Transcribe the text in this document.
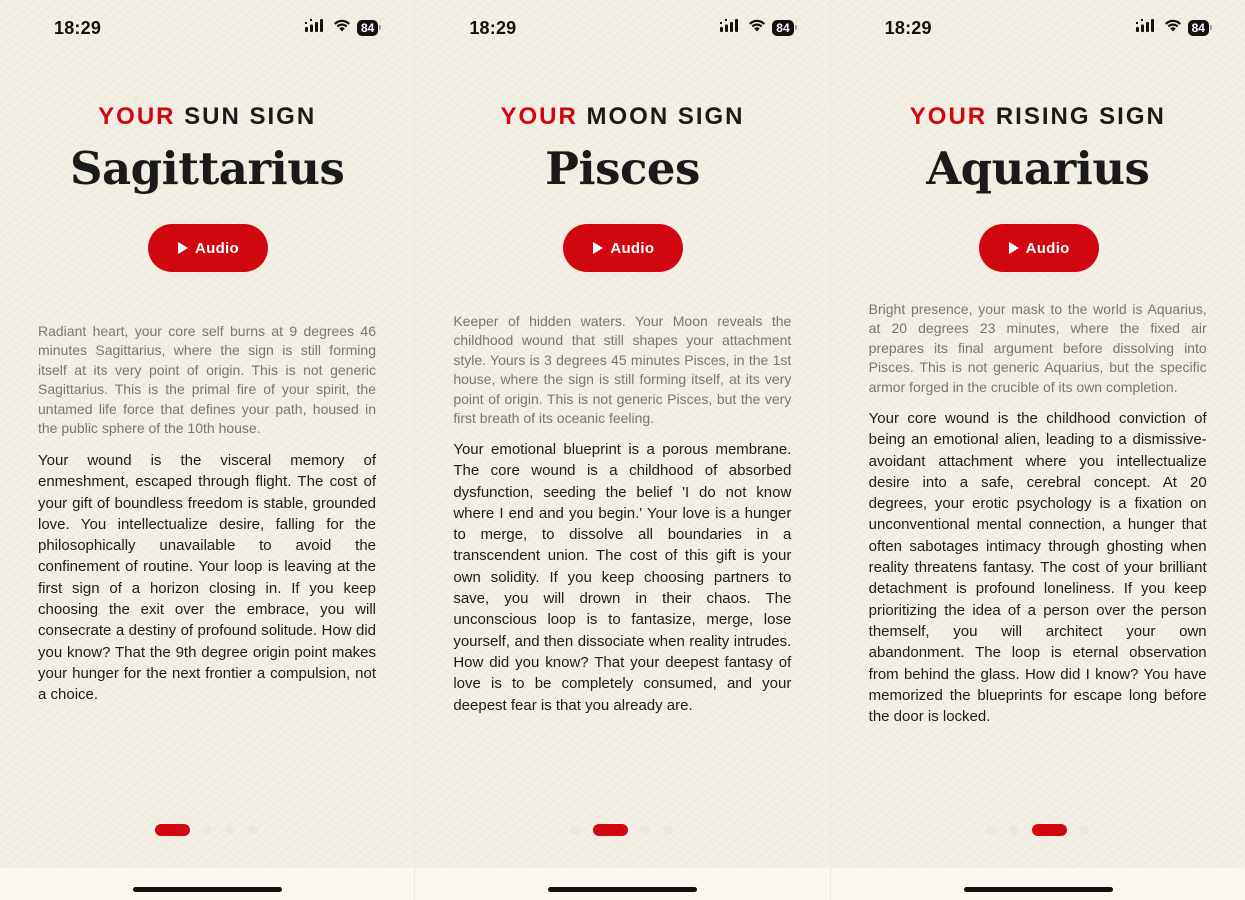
18:29	84
YOUR SUN SIGN
Sagittarius
Audio
Radiant heart, your core self burns at 9 degrees 46 minutes Sagittarius, where the sign is still forming itself at its very point of origin. This is not generic Sagittarius. This is the primal fire of your spirit, the untamed life force that defines your path, housed in the public sphere of the 10th house.
Your wound is the visceral memory of enmeshment, escaped through flight. The cost of your gift of boundless freedom is stable, grounded love. You intellectualize desire, falling for the philosophically unavailable to avoid the confinement of routine. Your loop is leaving at the first sign of a horizon closing in. If you keep choosing the exit over the embrace, you will consecrate a destiny of profound solitude. How did you know? That the 9th degree origin point makes your hunger for the next frontier a compulsion, not a choice.
18:29	84
YOUR MOON SIGN
Pisces
Audio
Keeper of hidden waters. Your Moon reveals the childhood wound that still shapes your attachment style. Yours is 3 degrees 45 minutes Pisces, in the 1st house, where the sign is still forming itself, at its very point of origin. This is not generic Pisces, but the very first breath of its oceanic feeling.
Your emotional blueprint is a porous membrane. The core wound is a childhood of absorbed dysfunction, seeding the belief 'I do not know where I end and you begin.' Your love is a hunger to merge, to dissolve all boundaries in a transcendent union. The cost of this gift is your own solidity. If you keep choosing partners to save, you will drown in their chaos. The unconscious loop is to fantasize, merge, lose yourself, and then dissociate when reality intrudes. How did you know? That your deepest fantasy of love is to be completely consumed, and your deepest fear is that you already are.
18:29	84
YOUR RISING SIGN
Aquarius
Audio
Bright presence, your mask to the world is Aquarius, at 20 degrees 23 minutes, where the fixed air prepares its final argument before dissolving into Pisces. This is not generic Aquarius, but the specific armor forged in the crucible of its own completion.
Your core wound is the childhood conviction of being an emotional alien, leading to a dismissive-avoidant attachment where you intellectualize desire into a safe, cerebral concept. At 20 degrees, your erotic psychology is a fixation on unconventional mental connection, a hunger that often sabotages intimacy through ghosting when reality threatens fantasy. The cost of your brilliant detachment is profound loneliness. If you keep prioritizing the idea of a person over the person themself, you will architect your own abandonment. The loop is eternal observation from behind the glass. How did I know? You have memorized the blueprints for escape long before the door is locked.
